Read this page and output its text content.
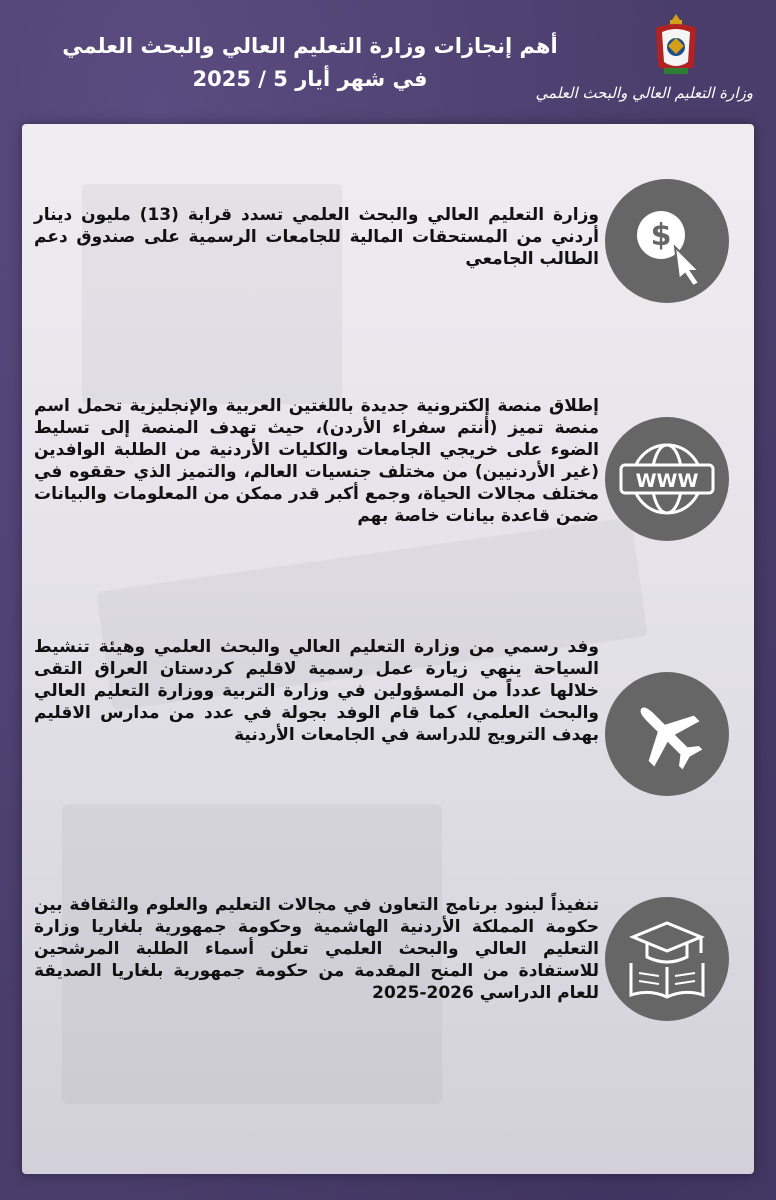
أهم إنجازات وزارة التعليم العالي والبحث العلمي
في شهر أيار 5 / 2025
وزارة التعليم العالي والبحث العلمي
$
وزارة التعليم العالي والبحث العلمي تسدد قرابة (13) مليون دينار أردني من المستحقات المالية للجامعات الرسمية على صندوق دعم الطالب الجامعي
WWW
إطلاق منصة إلكترونية جديدة باللغتين العربية والإنجليزية تحمل اسم منصة تميز (أنتم سفراء الأردن)، حيث تهدف المنصة إلى تسليط الضوء على خريجي الجامعات والكليات الأردنية من الطلبة الوافدين (غير الأردنيين) من مختلف جنسيات العالم، والتميز الذي حققوه في مختلف مجالات الحياة، وجمع أكبر قدر ممكن من المعلومات والبيانات ضمن قاعدة بيانات خاصة بهم
وفد رسمي من وزارة التعليم العالي والبحث العلمي وهيئة تنشيط السياحة ينهي زيارة عمل رسمية لاقليم كردستان العراق التقى خلالها عدداً من المسؤولين في وزارة التربية ووزارة التعليم العالي والبحث العلمي، كما قام الوفد بجولة في عدد من مدارس الاقليم بهدف الترويج للدراسة في الجامعات الأردنية
تنفيذاً لبنود برنامج التعاون في مجالات التعليم والعلوم والثقافة بين حكومة المملكة الأردنية الهاشمية وحكومة جمهورية بلغاريا وزارة التعليم العالي والبحث العلمي تعلن أسماء الطلبة المرشحين للاستفادة من المنح المقدمة من حكومة جمهورية بلغاريا الصديقة للعام الدراسي 2026-2025
